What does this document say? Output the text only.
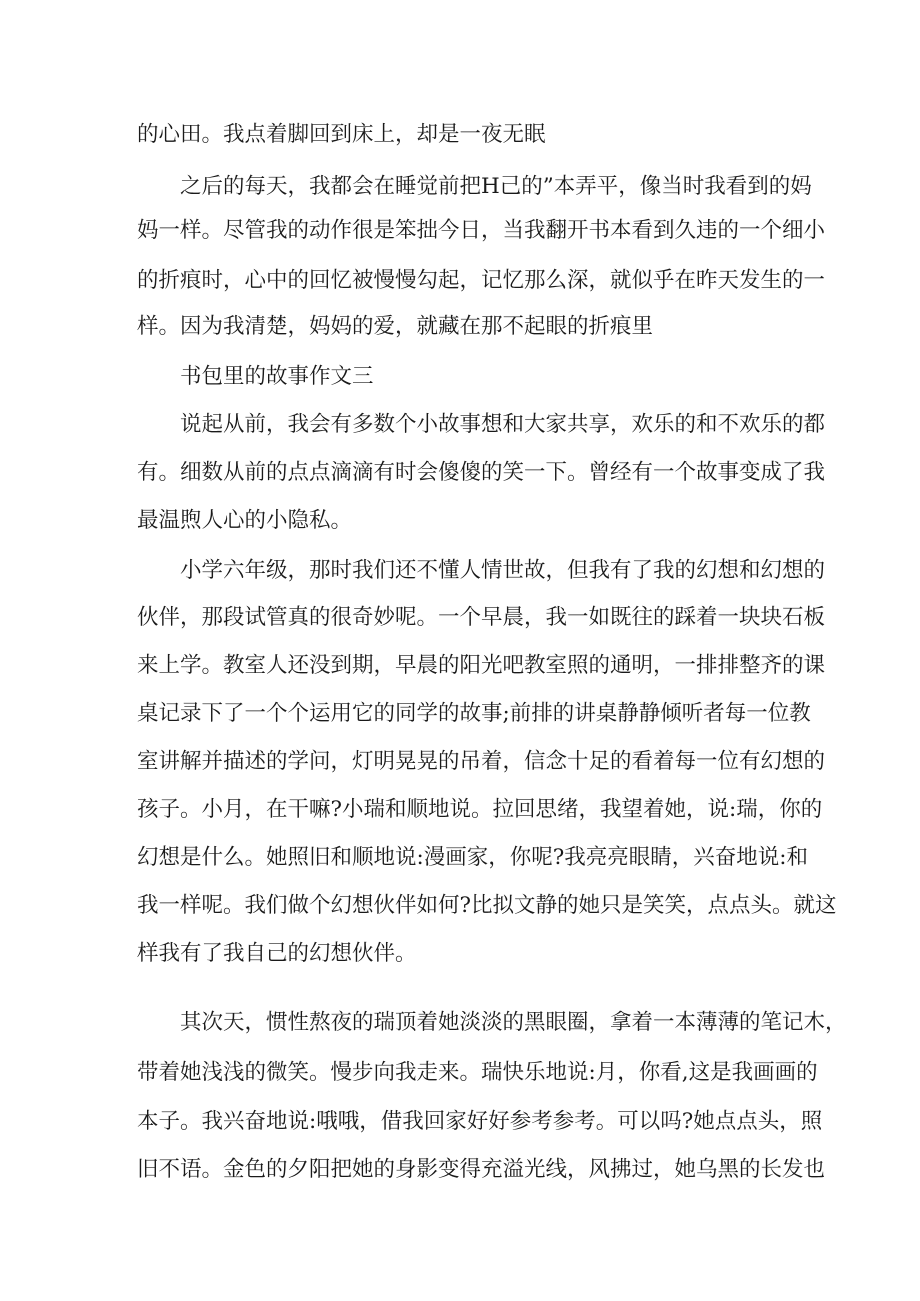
的心田。我点着脚回到床上，却是一夜无眠

之后的每天，我都会在睡觉前把H己的”本弄平，像当时我看到的妈

妈一样。尽管我的动作很是笨拙今日，当我翻开书本看到久违的一个细小

的折痕时，心中的回忆被慢慢勾起，记忆那么深，就似乎在昨天发生的一

样。因为我清楚，妈妈的爱，就藏在那不起眼的折痕里

书包里的故事作文三

说起从前，我会有多数个小故事想和大家共享，欢乐的和不欢乐的都

有。细数从前的点点滴滴有时会傻傻的笑一下。曾经有一个故事变成了我

最温煦人心的小隐私。

小学六年级，那时我们还不懂人情世故，但我有了我的幻想和幻想的

伙伴，那段试管真的很奇妙呢。一个早晨，我一如既往的踩着一块块石板

来上学。教室人还没到期，早晨的阳光吧教室照的通明，一排排整齐的课

桌记录下了一个个运用它的同学的故事;前排的讲桌静静倾听者每一位教

室讲解并描述的学问，灯明晃晃的吊着，信念十足的看着每一位有幻想的

孩子。小月，在干嘛?小瑞和顺地说。拉回思绪，我望着她，说:瑞，你的

幻想是什么。她照旧和顺地说:漫画家，你呢?我亮亮眼睛，兴奋地说:和

我一样呢。我们做个幻想伙伴如何?比拟文静的她只是笑笑，点点头。就这

样我有了我自己的幻想伙伴。

其次天，惯性熬夜的瑞顶着她淡淡的黑眼圈，拿着一本薄薄的笔记木，

带着她浅浅的微笑。慢步向我走来。瑞快乐地说:月，你看,这是我画画的

本子。我兴奋地说:哦哦，借我回家好好参考参考。可以吗?她点点头，照

旧不语。金色的夕阳把她的身影变得充溢光线，风拂过，她乌黑的长发也
